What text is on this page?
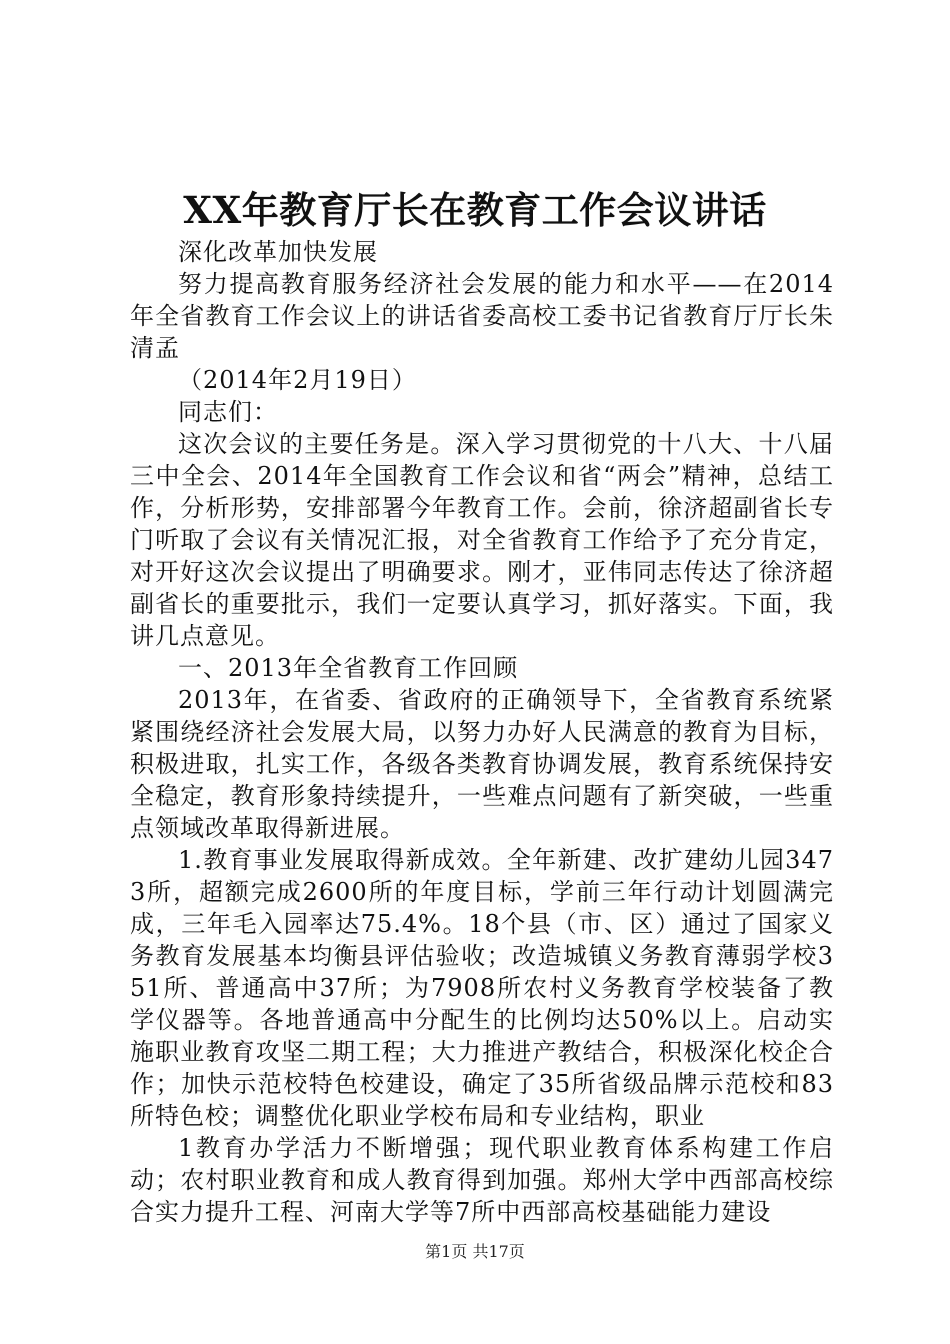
XX年教育厅长在教育工作会议讲话

深化改革加快发展

努力提高教育服务经济社会发展的能力和水平——在2014年全省教育工作会议上的讲话省委高校工委书记省教育厅厅长朱清孟

（2014年2月19日）

同志们：

这次会议的主要任务是。深入学习贯彻党的十八大、十八届三中全会、2014年全国教育工作会议和省“两会”精神，总结工作，分析形势，安排部署今年教育工作。会前，徐济超副省长专门听取了会议有关情况汇报，对全省教育工作给予了充分肯定，对开好这次会议提出了明确要求。刚才，亚伟同志传达了徐济超副省长的重要批示，我们一定要认真学习，抓好落实。下面，我讲几点意见。

一、2013年全省教育工作回顾

2013年，在省委、省政府的正确领导下，全省教育系统紧紧围绕经济社会发展大局，以努力办好人民满意的教育为目标，积极进取，扎实工作，各级各类教育协调发展，教育系统保持安全稳定，教育形象持续提升，一些难点问题有了新突破，一些重点领域改革取得新进展。

1.教育事业发展取得新成效。全年新建、改扩建幼儿园3473所，超额完成2600所的年度目标，学前三年行动计划圆满完成，三年毛入园率达75.4%。18个县（市、区）通过了国家义务教育发展基本均衡县评估验收；改造城镇义务教育薄弱学校351所、普通高中37所；为7908所农村义务教育学校装备了教学仪器等。各地普通高中分配生的比例均达50%以上。启动实施职业教育攻坚二期工程；大力推进产教结合，积极深化校企合作；加快示范校特色校建设，确定了35所省级品牌示范校和83所特色校；调整优化职业学校布局和专业结构，职业

1教育办学活力不断增强；现代职业教育体系构建工作启动；农村职业教育和成人教育得到加强。郑州大学中西部高校综合实力提升工程、河南大学等7所中西部高校基础能力建设

第1页 共17页
